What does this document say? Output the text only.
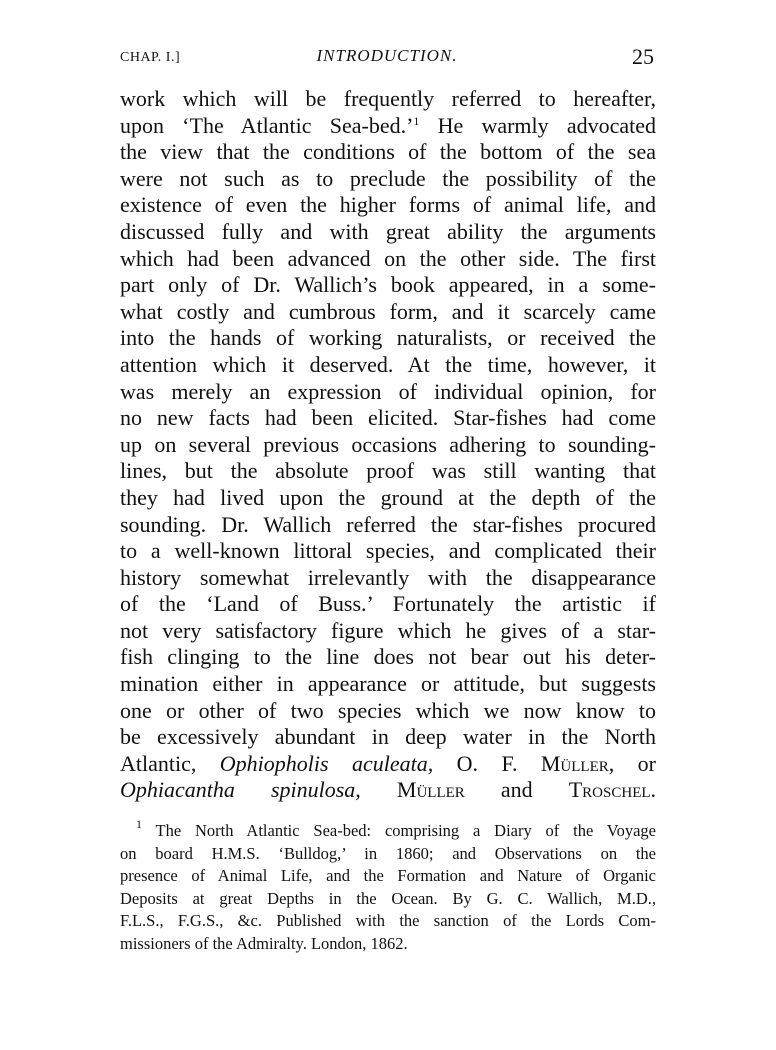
CHAP. I.]	INTRODUCTION.	25
work which will be frequently referred to hereafter,
upon ‘The Atlantic Sea-bed.’$^1$ He warmly advocated
the view that the conditions of the bottom of the sea
were not such as to preclude the possibility of the
existence of even the higher forms of animal life, and
discussed fully and with great ability the arguments
which had been advanced on the other side. The first
part only of Dr. Wallich’s book appeared, in a some-
what costly and cumbrous form, and it scarcely came
into the hands of working naturalists, or received the
attention which it deserved. At the time, however, it
was merely an expression of individual opinion, for
no new facts had been elicited. Star-fishes had come
up on several previous occasions adhering to sounding-
lines, but the absolute proof was still wanting that
they had lived upon the ground at the depth of the
sounding. Dr. Wallich referred the star-fishes procured
to a well-known littoral species, and complicated their
history somewhat irrelevantly with the disappearance
of the ‘Land of Buss.’ Fortunately the artistic if
not very satisfactory figure which he gives of a star-
fish clinging to the line does not bear out his deter-
mination either in appearance or attitude, but suggests
one or other of two species which we now know to
be excessively abundant in deep water in the North
Atlantic, Ophiopholis aculeata, O. F. Müller, or
Ophiacantha spinulosa, Müller and Troschel.
$^1$ The North Atlantic Sea-bed: comprising a Diary of the Voyage
on board H.M.S. ‘Bulldog,’ in 1860; and Observations on the
presence of Animal Life, and the Formation and Nature of Organic
Deposits at great Depths in the Ocean. By G. C. Wallich, M.D.,
F.L.S., F.G.S., &c. Published with the sanction of the Lords Com-
missioners of the Admiralty. London, 1862.
